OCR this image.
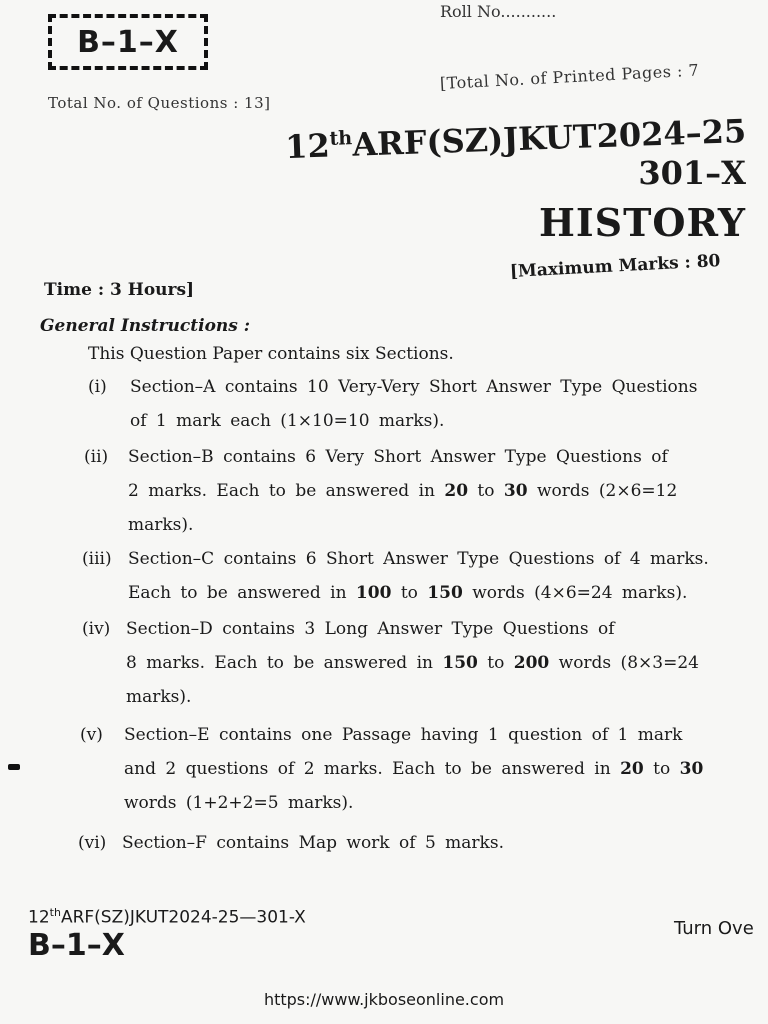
B–1–X
Roll No...........
[Total No. of Printed Pages : 7
Total No. of Questions : 13]
12thARF(SZ)JKUT2024–25
301–X
HISTORY
Time : 3 Hours]
[Maximum Marks : 80
General Instructions :
This Question Paper contains six Sections.
(i) Section–A contains 10 Very-Very Short Answer Type Questions
of 1 mark each (1×10=10 marks).
(ii) Section–B contains 6 Very Short Answer Type Questions of
2 marks. Each to be answered in 20 to 30 words (2×6=12
marks).
(iii) Section–C contains 6 Short Answer Type Questions of 4 marks.
Each to be answered in 100 to 150 words (4×6=24 marks).
(iv) Section–D contains 3 Long Answer Type Questions of
8 marks. Each to be answered in 150 to 200 words (8×3=24
marks).
(v) Section–E contains one Passage having 1 question of 1 mark
and 2 questions of 2 marks. Each to be answered in 20 to 30
words (1+2+2=5 marks).
(vi) Section–F contains Map work of 5 marks.
12thARF(SZ)JKUT2024-25—301-X
B–1–X	Turn Ove
https://www.jkboseonline.com
